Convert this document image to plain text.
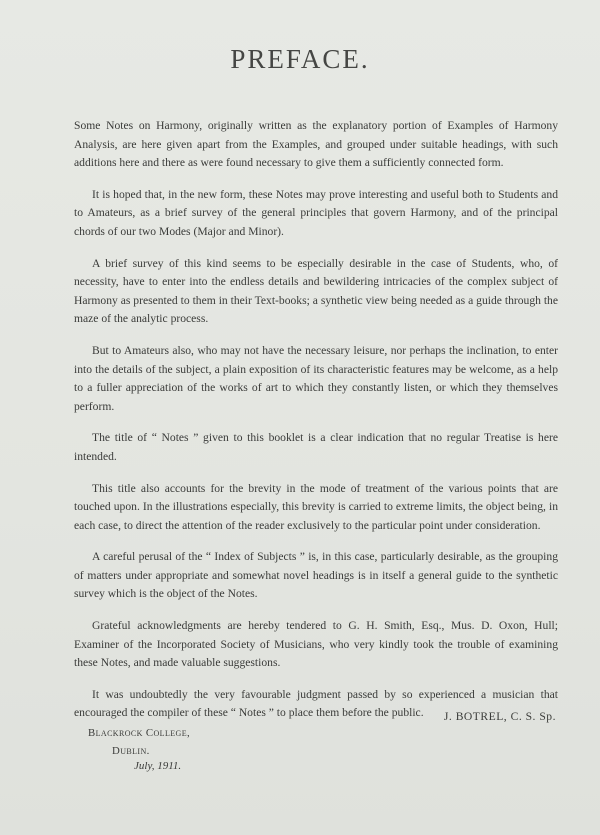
PREFACE.

Some Notes on Harmony, originally written as the explanatory portion of Examples of Harmony Analysis, are here given apart from the Examples, and grouped under suitable headings, with such additions here and there as were found necessary to give them a sufficiently connected form.

It is hoped that, in the new form, these Notes may prove interesting and useful both to Students and to Amateurs, as a brief survey of the general principles that govern Harmony, and of the principal chords of our two Modes (Major and Minor).

A brief survey of this kind seems to be especially desirable in the case of Students, who, of necessity, have to enter into the endless details and bewildering intricacies of the complex subject of Harmony as presented to them in their Text-books; a synthetic view being needed as a guide through the maze of the analytic process.

But to Amateurs also, who may not have the necessary leisure, nor perhaps the inclination, to enter into the details of the subject, a plain exposition of its characteristic features may be welcome, as a help to a fuller appreciation of the works of art to which they constantly listen, or which they themselves perform.

The title of “ Notes ” given to this booklet is a clear indication that no regular Treatise is here intended.

This title also accounts for the brevity in the mode of treatment of the various points that are touched upon. In the illustrations especially, this brevity is carried to extreme limits, the object being, in each case, to direct the attention of the reader exclusively to the particular point under consideration.

A careful perusal of the “ Index of Subjects ” is, in this case, particularly desirable, as the grouping of matters under appropriate and somewhat novel headings is in itself a general guide to the synthetic survey which is the object of the Notes.

Grateful acknowledgments are hereby tendered to G. H. Smith, Esq., Mus. D. Oxon, Hull; Examiner of the Incorporated Society of Musicians, who very kindly took the trouble of examining these Notes, and made valuable suggestions.

It was undoubtedly the very favourable judgment passed by so experienced a musician that encouraged the compiler of these “ Notes ” to place them before the public.	J. BOTREL, C. S. Sp.
Blackrock College,
Dublin.
July, 1911.
